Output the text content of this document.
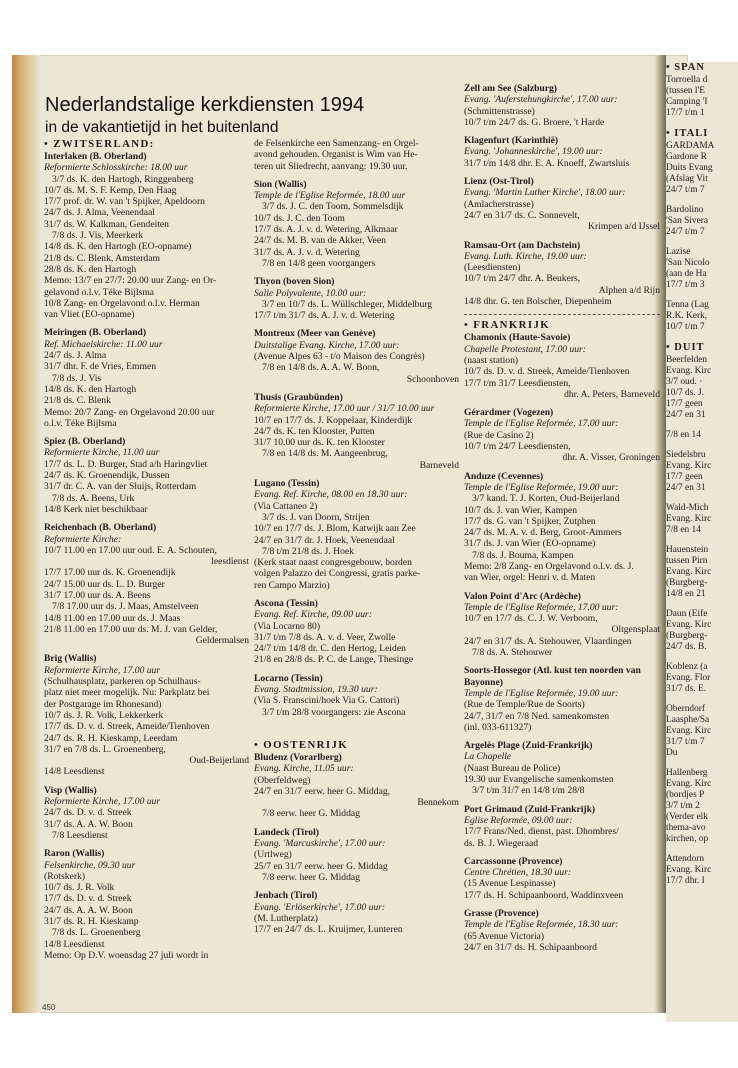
Nederlandstalige kerkdiensten 1994
in de vakantietijd in het buitenland
• ZWITSERLAND:
Interlaken (B. Oberland)
Reformierte Schlosskirche: 18.00 uur
3/7 ds. K. den Hartogh, Ringgenberg
10/7 ds. M. S. F. Kemp, Den Haag
17/7 prof. dr. W. van 't Spijker, Apeldoorn
24/7 ds. J. Alma, Veenendaal
31/7 ds. W. Kalkman, Gendeiten
7/8 ds. J. Vis, Meerkerk
14/8 ds. K. den Hartogh (EO-opname)
21/8 ds. C. Blenk, Amsterdam
28/8 ds. K. den Hartogh
Memo: 13/7 en 27/7: 20.00 uur Zang- en Or-
gelavond o.l.v. Téke Bijlsma
10/8 Zang- en Orgelavond o.l.v. Herman
van Vliet (EO-opname)
Meiringen (B. Oberland)
Ref. Michaelskirche: 11.00 uur
24/7 ds. J. Alma
31/7 dhr. F. de Vries, Emmen
7/8 ds. J. Vis
14/8 ds. K. den Hartogh
21/8 ds. C. Blenk
Memo: 20/7 Zang- en Orgelavond 20.00 uur
o.l.v. Téke Bijlsma
Spiez (B. Oberland)
Reformierte Kirche, 11.00 uur
17/7 ds. L. D. Burger, Stad a/h Haringvliet
24/7 ds. K. Groenendijk, Dussen
31/7 dr. C. A. van der Sluijs, Rotterdam
7/8 ds. A. Beens, Urk
14/8 Kerk niet beschikbaar
Reichenbach (B. Oberland)
Reformierte Kirche:
10/7 11.00 en 17.00 uur oud. E. A. Schouten,
leesdienst
17/7 17.00 uur ds. K. Groenendijk
24/7 15.00 uur ds. L. D. Burger
31/7 17.00 uur ds. A. Beens
7/8 17.00 uur ds. J. Maas, Amstelveen
14/8 11.00 en 17.00 uur ds. J. Maas
21/8 11.00 en 17.00 uur ds. M. J. van Gelder,
Geldermalsen
Brig (Wallis)
Reformierte Kirche, 17.00 uur
(Schulhausplatz, parkeren op Schulhaus-
platz niet meer mogelijk. Nu: Parkplatz bei
der Postgarage im Rhonesand)
10/7 ds. J. R. Volk, Lekkerkerk
17/7 ds. D. v. d. Streek, Ameide/Tienhoven
24/7 ds. R. H. Kieskamp, Leerdam
31/7 en 7/8 ds. L. Groenenberg,
Oud-Beijerland
14/8 Leesdienst
Visp (Wallis)
Reformierte Kirche, 17.00 uur
24/7 ds. D. v. d. Streek
31/7 ds. A. A. W. Boon
7/8 Leesdienst
Raron (Wallis)
Felsenkirche, 09.30 uur
(Rotskerk)
10/7 ds. J. R. Volk
17/7 ds. D. v. d. Streek
24/7 ds. A. A. W. Boon
31/7 ds. R. H. Kieskamp
7/8 ds. L. Groenenberg
14/8 Leesdienst
Memo: Op D.V. woensdag 27 juli wordt in
de Felsenkirche een Samenzang- en Orgel-
avond gehouden. Organist is Wim van He-
teren uit Sliedrecht, aanvang: 19.30 uur.
Sion (Wallis)
Temple de l'Eglise Reformée, 18.00 uur
3/7 ds. J. C. den Toom, Sommelsdijk
10/7 ds. J. C. den Toom
17/7 ds. A. J. v. d. Wetering, Alkmaar
24/7 ds. M. B. van de Akker, Veen
31/7 ds. A. J. v. d. Wetering
7/8 en 14/8 geen voorgangers
Thyon (boven Sion)
Salle Polyvalente, 10.00 uur:
3/7 en 10/7 ds. L. Wüllschleger, Middelburg
17/7 t/m 31/7 ds. A. J. v. d. Wetering
Montreux (Meer van Genève)
Duitstalige Evang. Kirche, 17.00 uur:
(Avenue Alpes 63 - t/o Maison des Congrès)
7/8 en 14/8 ds. A. A. W. Boon,
Schoonhoven
Thusis (Graubünden)
Reformierte Kirche, 17.00 uur / 31/7 10.00 uur
10/7 en 17/7 ds. J. Koppelaar, Kinderdijk
24/7 ds. K. ten Klooster, Putten
31/7 10.00 uur ds. K. ten Klooster
7/8 en 14/8 ds. M. Aangeenbrug,
Barneveld
Lugano (Tessin)
Evang. Ref. Kirche, 08.00 en 18.30 uur:
(Via Cattaneo 2)
3/7 ds. J. van Doorn, Strijen
10/7 en 17/7 ds. J. Blom, Katwijk aan Zee
24/7 en 31/7 dr. J. Hoek, Veenendaal
7/8 t/m 21/8 ds. J. Hoek
(Kerk staat naast congresgebouw, borden
volgen Palazzo dei Congressi, gratis parke-
ren Campo Marzio)
Ascona (Tessin)
Evang. Ref. Kirche, 09.00 uur:
(Via Locarno 80)
31/7 t/m 7/8 ds. A. v. d. Veer, Zwolle
24/7 t/m 14/8 dr. C. den Hertog, Leiden
21/8 en 28/8 ds. P. C. de Lange, Thesinge
Locarno (Tessin)
Evang. Stadtmission, 19.30 uur:
(Via S. Franscini/hoek Via G. Cattori)
3/7 t/m 28/8 voorgangers: zie Ascona
• OOSTENRIJK
Bludenz (Vorarlberg)
Evang. Kirche, 11.05 uur:
(Oberfeldweg)
24/7 en 31/7 eerw. heer G. Middag,
Bennekom
7/8 eerw. heer G. Middag
Landeck (Tirol)
Evang. 'Marcuskirche', 17.00 uur:
(Urtlweg)
25/7 en 31/7 eerw. heer G. Middag
7/8 eerw. heer G. Middag
Jenbach (Tirol)
Evang. 'Erlöserkirche', 17.00 uur:
(M. Lutherplatz)
17/7 en 24/7 ds. L. Kruijmer, Lunteren
Zell am See (Salzburg)
Evang. 'Auferstehungkirche', 17.00 uur:
(Schmittenstrasse)
10/7 t/m 24/7 ds. G. Broere, 't Harde
Klagenfurt (Karinthië)
Evang. 'Johanneskirche', 19.00 uur:
31/7 t/m 14/8 dhr. E. A. Knoeff, Zwartsluis
Lienz (Ost-Tirol)
Evang. 'Martin Luther Kirche', 18.00 uur:
(Amlacherstrasse)
24/7 en 31/7 ds. C. Sonnevelt,
Krimpen a/d IJssel
Ramsau-Ort (am Dachstein)
Evang. Luth. Kirche, 19.00 uur:
(Leesdiensten)
10/7 t/m 24/7 dhr. A. Beukers,
Alphen a/d Rijn
14/8 dhr. G. ten Bolscher, Diepenheim
• FRANKRIJK
Chamonix (Haute-Savoie)
Chapelle Protestant, 17.00 uur:
(naast station)
10/7 ds. D. v. d. Streek, Ameide/Tienhoven
17/7 t/m 31/7 Leesdiensten,
dhr. A. Peters, Barneveld
Gérardmer (Vogezen)
Temple de l'Eglise Reformée, 17.00 uur:
(Rue de Casino 2)
10/7 t/m 24/7 Leesdiensten,
dhr. A. Visser, Groningen
Anduze (Cevennes)
Temple de l'Eglise Reformée, 19.00 uur:
3/7 kand. T. J. Korten, Oud-Beijerland
10/7 ds. J. van Wier, Kampen
17/7 ds. G. van 't Spijker, Zutphen
24/7 ds. M. A. v. d. Berg, Groot-Ammers
31/7 ds. J. van Wier (EO-opname)
7/8 ds. J. Bouma, Kampen
Memo: 2/8 Zang- en Orgelavond o.l.v. ds. J.
van Wier, orgel: Henri v. d. Maten
Valon Point d'Arc (Ardèche)
Temple de l'Eglise Reformée, 17.00 uur:
10/7 en 17/7 ds. C. J. W. Verboom,
Oltgensplaat
24/7 en 31/7 ds. A. Stehouwer, Vlaardingen
7/8 ds. A. Stehouwer
Soorts-Hossegor (Atl. kust ten noorden van Bayonne)
Temple de l'Eglise Reformée, 19.00 uur:
(Rue de Temple/Rue de Soorts)
24/7, 31/7 en 7/8 Ned. samenkomsten
(inl. 033-611327)
Argelès Plage (Zuid-Frankrijk)
La Chapelle
(Naast Bureau de Police)
19.30 uur Evangelische samenkomsten
3/7 t/m 31/7 en 14/8 t/m 28/8
Port Grimaud (Zuid-Frankrijk)
Eglise Reformée, 09.00 uur:
17/7 Frans/Ned. dienst, past. Dhombres/
ds. B. J. Wiegeraad
Carcassonne (Provence)
Centre Chrétien, 18.30 uur:
(15 Avenue Lespinasse)
17/7 ds. H. Schipaanboord, Waddinxveen
Grasse (Provence)
Temple de l'Eglise Reformée, 18.30 uur:
(65 Avenue Victoria)
24/7 en 31/7 ds. H. Schipaanboord
• SPAN
Torroella d
(tussen l'E
Camping 'I
17/7 t/m 1
• ITALI
GARDAMA
Gardone R
Duits Evang
(Afslag Vit
24/7 t/m 7
Bardolino
'San Sivera
24/7 t/m 7
Lazise
'San Nicolo
(aan de Ha
17/7 t/m 3
Tenna (Lag
R.K. Kerk,
10/7 t/m 7
• DUIT
Beerfelden
Evang. Kirc
3/7 oud. ·
10/7 ds. J.
17/7 geen
24/7 en 31
7/8 en 14
Siedelsbru
Evang. Kirc
17/7 geen
24/7 en 31
Wald-Mich
Evang. Kirc
7/8 en 14
Hauenstein
tussen Pirn
Evang. Kirc
(Burgberg-
14/8 en 21
Daun (Eife
Evang. Kirc
(Burgberg-
24/7 ds. B.
Koblenz (a
Evang. Flor
31/7 ds. E.
Oberndorf
Laasphe/Sa
Evang. Kirc
31/7 t/m 7
Du
Hallenberg
Evang. Kirc
(bordjes P
3/7 t/m 2
(Verder elk
thema-avo
kirchen, op
Attendorn
Evang. Kirc
17/7 dhr. I
450
